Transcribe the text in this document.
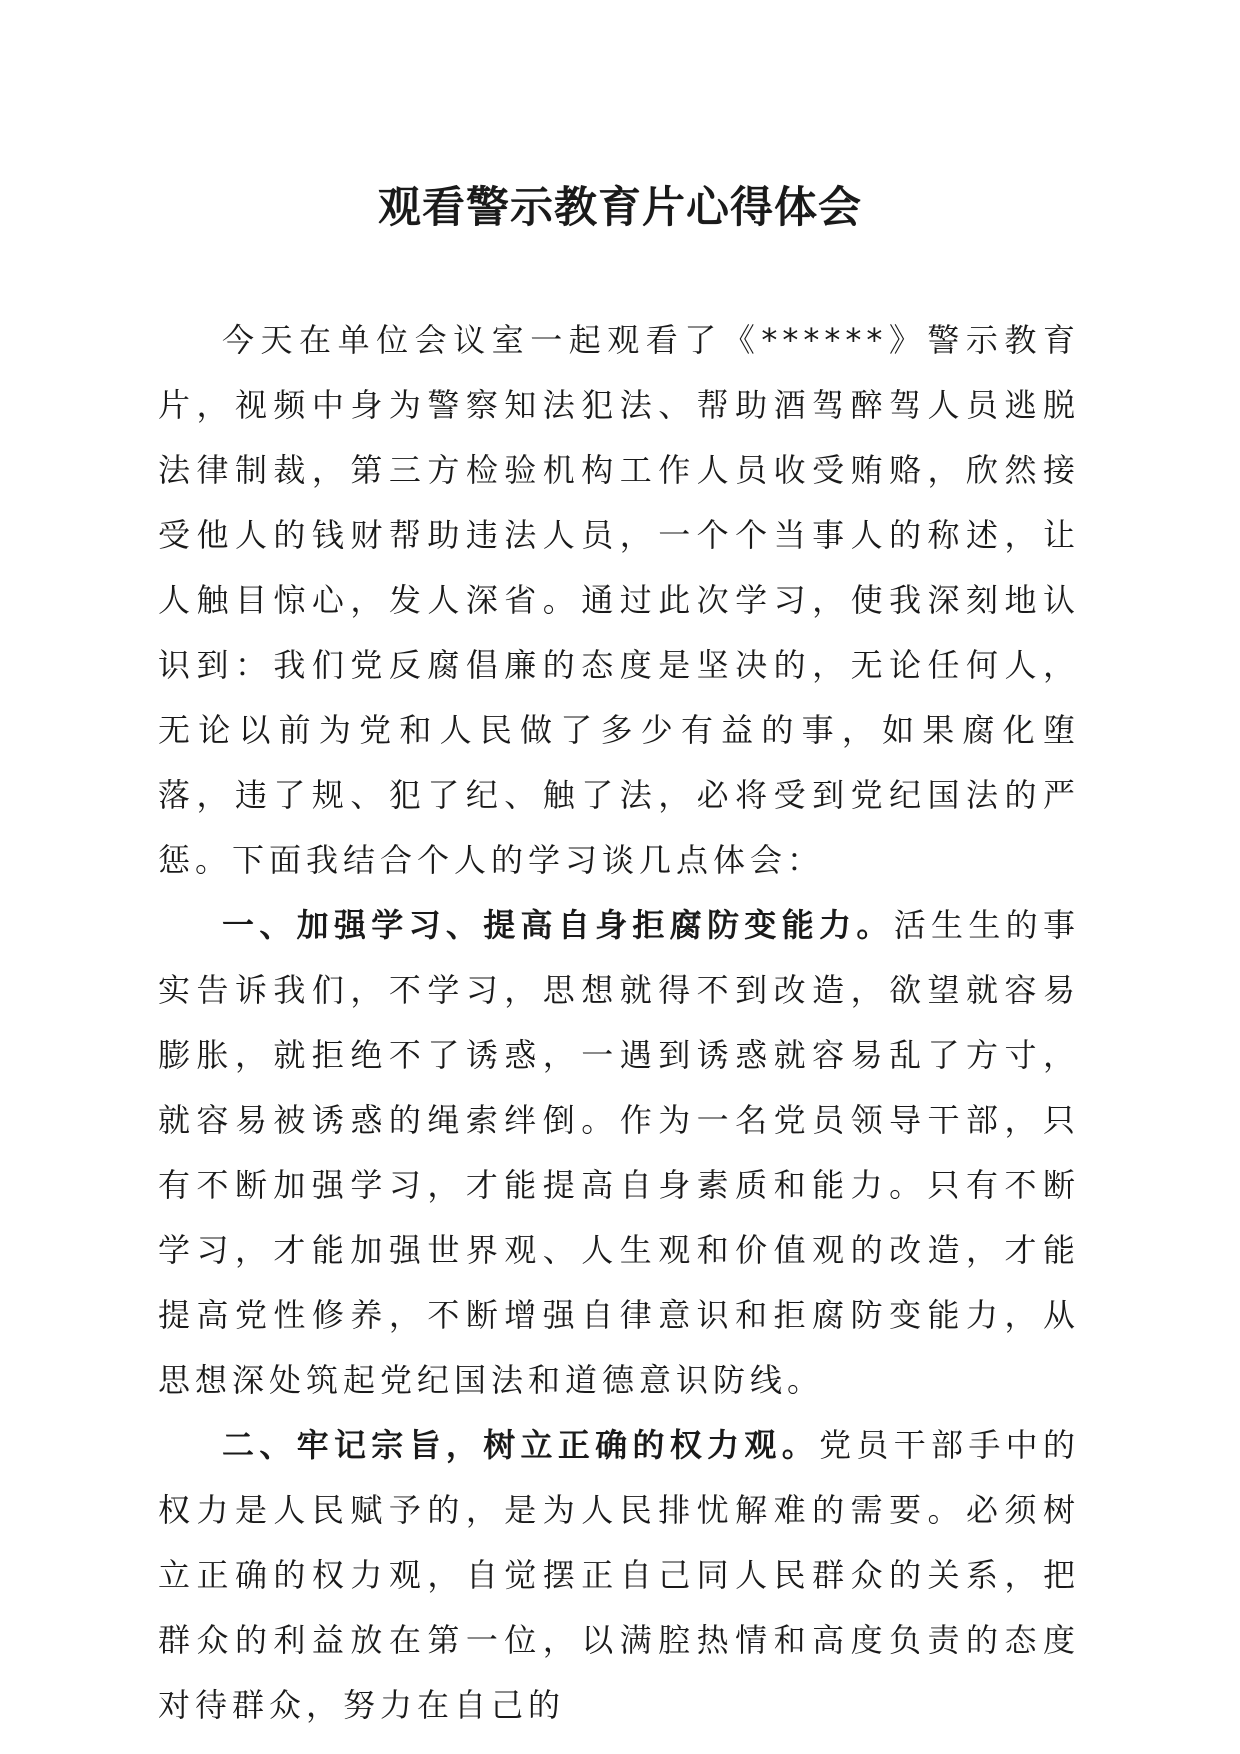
观看警示教育片心得体会

今天在单位会议室一起观看了《******》警示教育片，视频中身为警察知法犯法、帮助酒驾醉驾人员逃脱法律制裁，第三方检验机构工作人员收受贿赂，欣然接受他人的钱财帮助违法人员，一个个当事人的称述，让人触目惊心，发人深省。通过此次学习，使我深刻地认识到：我们党反腐倡廉的态度是坚决的，无论任何人，无论以前为党和人民做了多少有益的事，如果腐化堕落，违了规、犯了纪、触了法，必将受到党纪国法的严惩。下面我结合个人的学习谈几点体会：

一、加强学习、提高自身拒腐防变能力。活生生的事实告诉我们，不学习，思想就得不到改造，欲望就容易膨胀，就拒绝不了诱惑，一遇到诱惑就容易乱了方寸，就容易被诱惑的绳索绊倒。作为一名党员领导干部，只有不断加强学习，才能提高自身素质和能力。只有不断学习，才能加强世界观、人生观和价值观的改造，才能提高党性修养，不断增强自律意识和拒腐防变能力，从思想深处筑起党纪国法和道德意识防线。

二、牢记宗旨，树立正确的权力观。党员干部手中的权力是人民赋予的，是为人民排忧解难的需要。必须树立正确的权力观，自觉摆正自己同人民群众的关系，把群众的利益放在第一位，以满腔热情和高度负责的态度对待群众，努力在自己的
